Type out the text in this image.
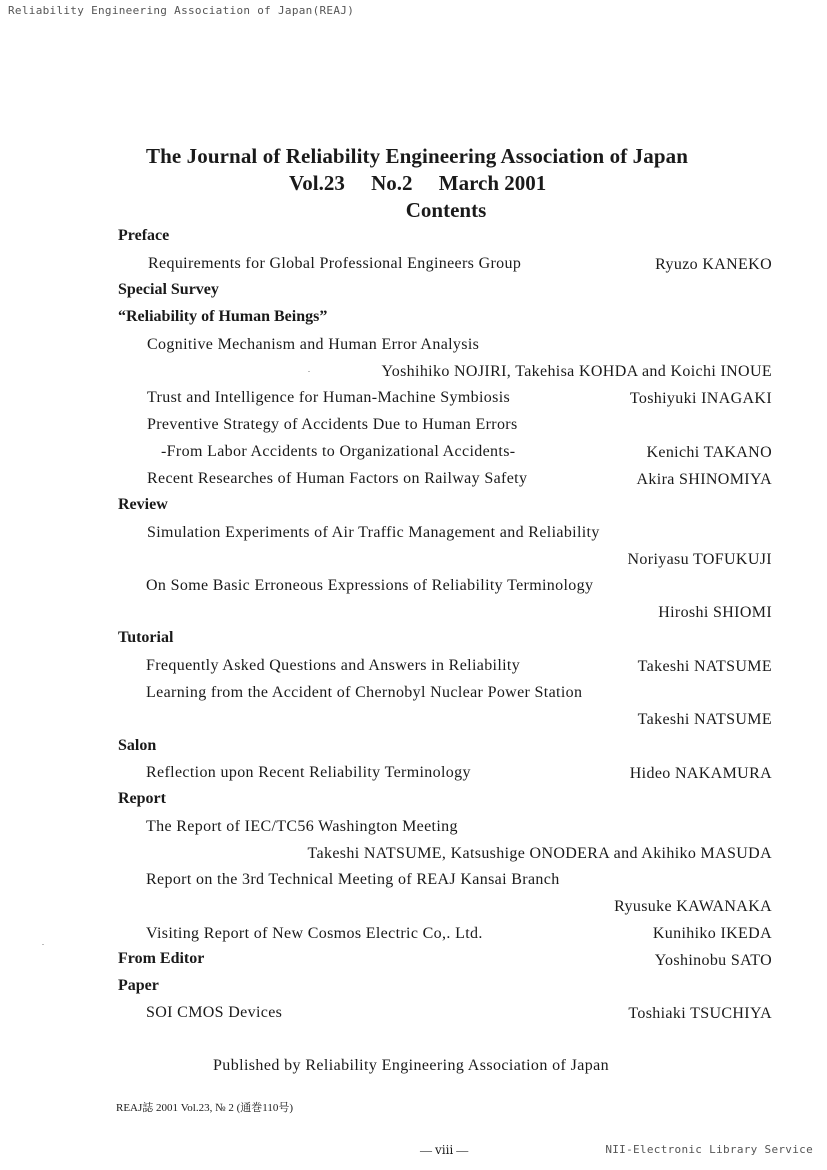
Reliability Engineering Association of Japan(REAJ)
The Journal of Reliability Engineering Association of Japan
Vol.23 No.2 March 2001
Contents
Preface
Requirements for Global Professional Engineers Group	Ryuzo KANEKO
Special Survey
“Reliability of Human Beings”
Cognitive Mechanism and Human Error Analysis
Yoshihiko NOJIRI, Takehisa KOHDA and Koichi INOUE
Trust and Intelligence for Human-Machine Symbiosis	Toshiyuki INAGAKI
Preventive Strategy of Accidents Due to Human Errors
-From Labor Accidents to Organizational Accidents-	Kenichi TAKANO
Recent Researches of Human Factors on Railway Safety	Akira SHINOMIYA
Review
Simulation Experiments of Air Traffic Management and Reliability
Noriyasu TOFUKUJI
On Some Basic Erroneous Expressions of Reliability Terminology
Hiroshi SHIOMI
Tutorial
Frequently Asked Questions and Answers in Reliability	Takeshi NATSUME
Learning from the Accident of Chernobyl Nuclear Power Station
Takeshi NATSUME
Salon
Reflection upon Recent Reliability Terminology	Hideo NAKAMURA
Report
The Report of IEC/TC56 Washington Meeting
Takeshi NATSUME, Katsushige ONODERA and Akihiko MASUDA
Report on the 3rd Technical Meeting of REAJ Kansai Branch
Ryusuke KAWANAKA
Visiting Report of New Cosmos Electric Co,. Ltd.	Kunihiko IKEDA
From Editor	Yoshinobu SATO
Paper
SOI CMOS Devices	Toshiaki TSUCHIYA
Published by Reliability Engineering Association of Japan
REAJ誌 2001 Vol.23, № 2 (通巻110号)
— ⅷ —	NII-Electronic Library Service
